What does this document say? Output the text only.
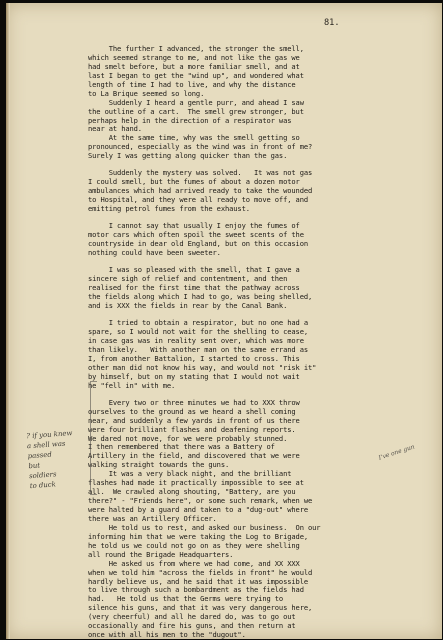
81.
The further I advanced, the stronger the smell,
which seemed strange to me, and not like the gas we
had smelt before, but a more familiar smell, and at
last I began to get the "wind up", and wondered what
length of time I had to live, and why the distance
to La Brique seemed so long.
Suddenly I heard a gentle purr, and ahead I saw
the outline of a cart.  The smell grew stronger, but
perhaps help in the direction of a respirator was
near at hand.
At the same time, why was the smell getting so
pronounced, especially as the wind was in front of me?
Surely I was getting along quicker than the gas.
Suddenly the mystery was solved.   It was not gas
I could smell, but the fumes of about a dozen motor
ambulances which had arrived ready to take the wounded
to Hospital, and they were all ready to move off, and
emitting petrol fumes from the exhaust.
I cannot say that usually I enjoy the fumes of
motor cars which often spoil the sweet scents of the
countryside in dear old England, but on this occasion
nothing could have been sweeter.
I was so pleased with the smell, that I gave a
sincere sigh of relief and contentment, and then
realised for the first time that the pathway across
the fields along which I had to go, was being shelled,
and is XXX the fields in rear by the Canal Bank.
I tried to obtain a respirator, but no one had a
spare, so I would not wait for the shelling to cease,
in case gas was in reality sent over, which was more
than likely.   With another man on the same errand as
I, from another Battalion, I started to cross. This
other man did not know his way, and would not "risk it"
by himself, but on my stating that I would not wait
he "fell in" with me.
Every two or three minutes we had to XXX throw
ourselves to the ground as we heard a shell coming
near, and suddenly a few yards in front of us there
were four brilliant flashes and deafening reports.
We dared not move, for we were probably stunned.
I then remembered that there was a Battery of
Artillery in the field, and discovered that we were
walking straight towards the guns.
It was a very black night, and the brilliant
flashes had made it practically impossible to see at
all.  We crawled along shouting, "Battery, are you
there?" - "Friends here", or some such remark, when we
were halted by a guard and taken to a "dug-out" where
there was an Artillery Officer.
He told us to rest, and asked our business.  On our
informing him that we were taking the Log to Brigade,
he told us we could not go on as they were shelling
all round the Brigade Headquarters.
He asked us from where we had come, and XX XXX
when we told him "across the fields in front" he would
hardly believe us, and he said that it was impossible
to live through such a bombardment as the fields had
had.   He told us that the Germs were trying to
silence his guns, and that it was very dangerous here,
(very cheerful) and all he dared do, was to go out
occasionally and fire his guns, and then return at
once with all his men to the "dugout".
? if you knew
a shell was
passed
but
soldiers
to duck
I've one gun
